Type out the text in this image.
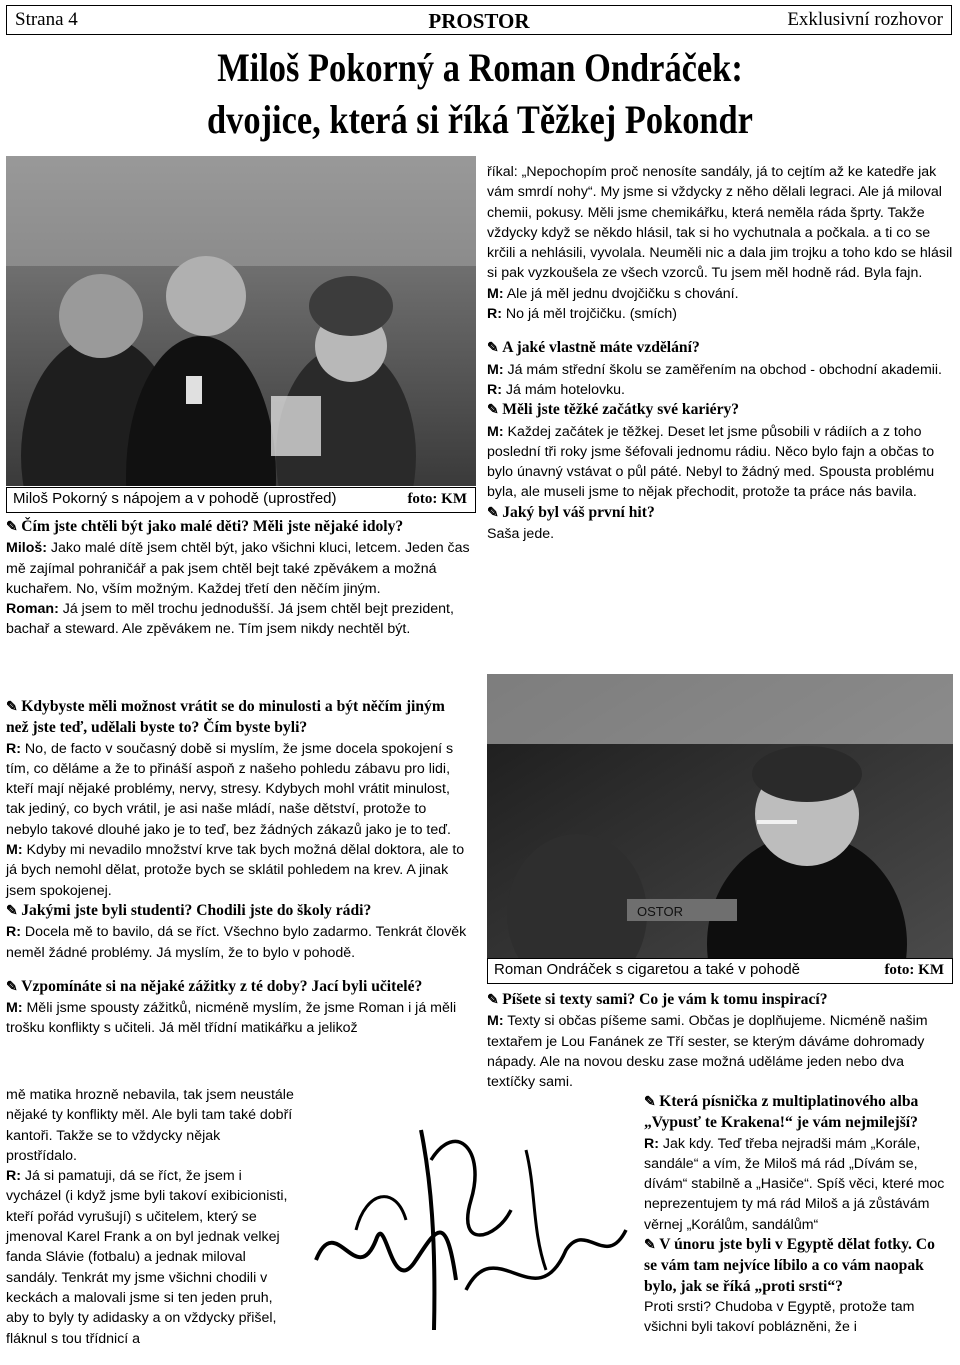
Strana 4	PROSTOR	Exklusivní rozhovor
Miloš Pokorný a Roman Ondráček:
dvojice, která si říká Těžkej Pokondr
Miloš Pokorný s nápojem a v pohodě (uprostřed)	foto: KM
OSTOR
Roman Ondráček s cigaretou a také v pohodě	foto: KM

říkal: „Nepochopím proč nenosíte sandály, já to cejtím až ke katedře jak vám smrdí nohy“. My jsme si vždycky z něho dělali legraci. Ale já miloval chemii, pokusy. Měli jsme chemikářku, která neměla ráda šprty. Takže vždycky když se někdo hlásil, tak si ho vychutnala a počkala. a ti co se krčili a nehlásili, vyvolala. Neuměli nic a dala jim trojku a toho kdo se hlásil si pak vyzkoušela ze všech vzorců. Tu jsem měl hodně rád. Byla fajn.

M: Ale já měl jednu dvojčičku s chování.

R: No já měl trojčičku. (smích)

✎ A jaké vlastně máte vzdělání?

M: Já mám střední školu se zaměřením na obchod - obchodní akademii.

R: Já mám hotelovku.

✎ Měli jste těžké začátky své kariéry?

M: Každej začátek je těžkej. Deset let jsme působili v rádiích a z toho poslední tři roky jsme šéfovali jednomu rádiu. Něco bylo fajn a občas to bylo únavný vstávat o půl páté. Nebyl to žádný med. Spousta problému byla, ale museli jsme to nějak přechodit, protože ta práce nás bavila.

✎ Jaký byl váš první hit?

Saša jede.

✎ Čím jste chtěli být jako malé děti? Měli jste nějaké idoly?

Miloš: Jako malé dítě jsem chtěl být, jako všichni kluci, letcem. Jeden čas mě zajímal pohraničář a pak jsem chtěl bejt také zpěvákem a možná kuchařem. No, vším možným. Každej třetí den něčím jiným.

Roman: Já jsem to měl trochu jednodušší. Já jsem chtěl bejt prezident, bachař a steward. Ale zpěvákem ne. Tím jsem nikdy nechtěl být.

✎ Kdybyste měli možnost vrátit se do minulosti a být něčím jiným než jste teď, udělali byste to? Čím byste byli?

R: No, de facto v současný době si myslím, že jsme docela spokojení s tím, co děláme a že to přináší aspoň z našeho pohledu zábavu pro lidi, kteří mají nějaké problémy, nervy, stresy. Kdybych mohl vrátit minulost, tak jediný, co bych vrátil, je asi naše mládí, naše dětství, protože to nebylo takové dlouhé jako je to teď, bez žádných zákazů jako je to teď.

M: Kdyby mi nevadilo množství krve tak bych možná dělal doktora, ale to já bych nemohl dělat, protože bych se sklátil pohledem na krev. A jinak jsem spokojenej.

✎ Jakými jste byli studenti? Chodili jste do školy rádi?

R: Docela mě to bavilo, dá se říct. Všechno bylo zadarmo. Tenkrát člověk neměl žádné problémy. Já myslím, že to bylo v pohodě.

✎ Vzpomínáte si na nějaké zážitky z té doby? Jací byli učitelé?

M: Měli jsme spousty zážitků, nicméně myslím, že jsme Roman i já měli trošku konflikty s učiteli. Já měl třídní matikářku a jelikož

mě matika hrozně nebavila, tak jsem neustále nějaké ty konflikty měl. Ale byli tam také dobří kantoři. Takže se to vždycky nějak prostřídalo.

R: Já si pamatuji, dá se říct, že jsem i vycházel (i když jsme byli takoví exibicionisti, kteří pořád vyrušují) s učitelem, který se jmenoval Karel Frank a on byl jednak velkej fanda Slávie (fotbalu) a jednak miloval sandály. Tenkrát my jsme všichni chodili v keckách a malovali jsme si ten jeden pruh, aby to byly ty adidasky a on vždycky přišel, fláknul s tou třídnicí a

✎ Píšete si texty sami? Co je vám k tomu inspirací?

M: Texty si občas píšeme sami. Občas je doplňujeme. Nicméně našim textařem je Lou Fanánek ze Tří sester, se kterým dáváme dohromady nápady. Ale na novou desku zase možná uděláme jeden nebo dva textíčky sami.

✎ Která písnička z multiplatinového alba „Vypusť te Krakena!“ je vám nejmilejší?

R: Jak kdy. Teď třeba nejradši mám „Korále, sandále“ a vím, že Miloš má rád „Dívám se, dívám“ stabilně a „Hasiče“. Spíš věci, které moc neprezentujem ty má rád Miloš a já zůstávám věrnej „Korálům, sandálům“

✎ V únoru jste byli v Egyptě dělat fotky. Co se vám tam nejvíce líbilo a co vám naopak bylo, jak se říká „proti srsti“?

Proti srsti? Chudoba v Egyptě, protože tam všichni byli takoví poblázněni, že i
